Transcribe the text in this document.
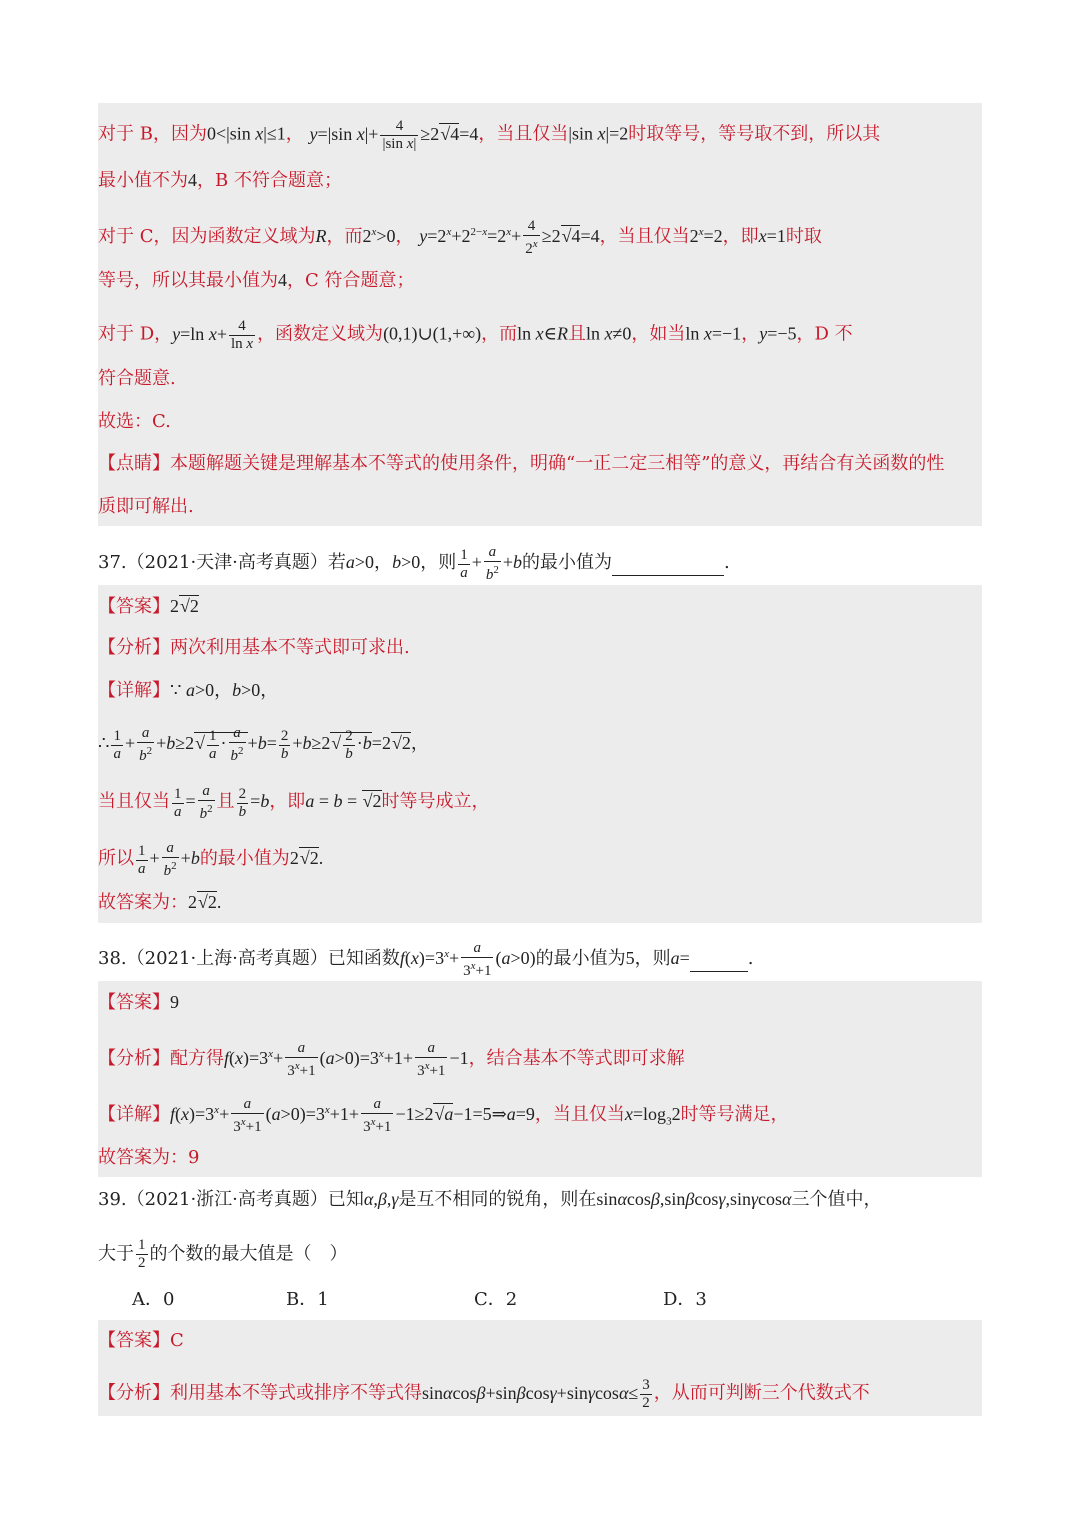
对于 B，因为0<|sin x|≤1， y=|sin $x|+ \frac{4}{\text{|sin x|}} \ge 2√4=4$，当且仅当|sin x|=2时取等号，等号取不到，所以其
最小值不为4，B 不符合题意；
对于 C，因为函数定义域为R，而$2^x>0$， $y=2^x+2^{2-x}=2^x+ \frac{4}{2^x} \ge 2√4=4$，当且仅当$2^x=2$，即x=1时取
等号，所以其最小值为4，C 符合题意；
对于 D，y=ln $x+ \frac{4}{\text{ln x}}$ ，函数定义域为(0,1)∪(1,+∞)，而ln x∈R且ln x≠0，如当ln x=−1，y=−5，D 不
符合题意.
故选：C.
【点睛】本题解题关键是理解基本不等式的使用条件，明确“一正二定三相等”的意义，再结合有关函数的性
质即可解出.
37.（2021·天津·高考真题）若a>0，b>0，则 $\frac{1}{a} + \frac{a}{b^2} +b$的最小值为	.
【答案】2√2
【分析】两次利用基本不等式即可求出.
【详解】∵ a>0，b>0，
∴ $\frac{1}{a} + \frac{a}{b^2} +b\ge 2√ \frac{1}{a} \cdot \frac{a}{b^2} +b= \frac{2}{b} +b\ge 2√ \frac{2}{b} \cdot b=2√2$，
当且仅当 $\frac{1}{a} = \frac{a}{b^2}$ 且 $\frac{2}{b} =b$，即a = b = √2时等号成立，
所以 $\frac{1}{a} + \frac{a}{b^2} +b$的最小值为2√2.
故答案为：2√2.
38.（2021·上海·高考真题）已知函数$f(x)=3^x+ \frac{a}{3^x+1} (a>0)$的最小值为5，则a=	.
【答案】9
【分析】配方得$f(x)=3^x+ \frac{a}{3^x+1} (a>0)=3^x+1+ \frac{a}{3^x+1} -1$，结合基本不等式即可求解
【详解】$f(x)=3^x+ \frac{a}{3^x+1} (a>0)=3^x+1+ \frac{a}{3^x+1}$ −1≥2√a−1=5⇒a=9，当且仅当$x=\log_32$时等号满足，
故答案为：9
39.（2021·浙江·高考真题）已知α,β,γ是互不相同的锐角，则在sinαcosβ,sinβcosγ,sinγcosα三个值中，
大于 $\frac{1}{2}$ 的个数的最大值是（　）
A．0	B．1	C．2	D．3
【答案】C
【分析】利用基本不等式或排序不等式得$\sin\alpha\cos\beta+\sin\beta\cos\gamma+\sin\gamma\cos\alpha\le \frac{3}{2}$ ，从而可判断三个代数式不
